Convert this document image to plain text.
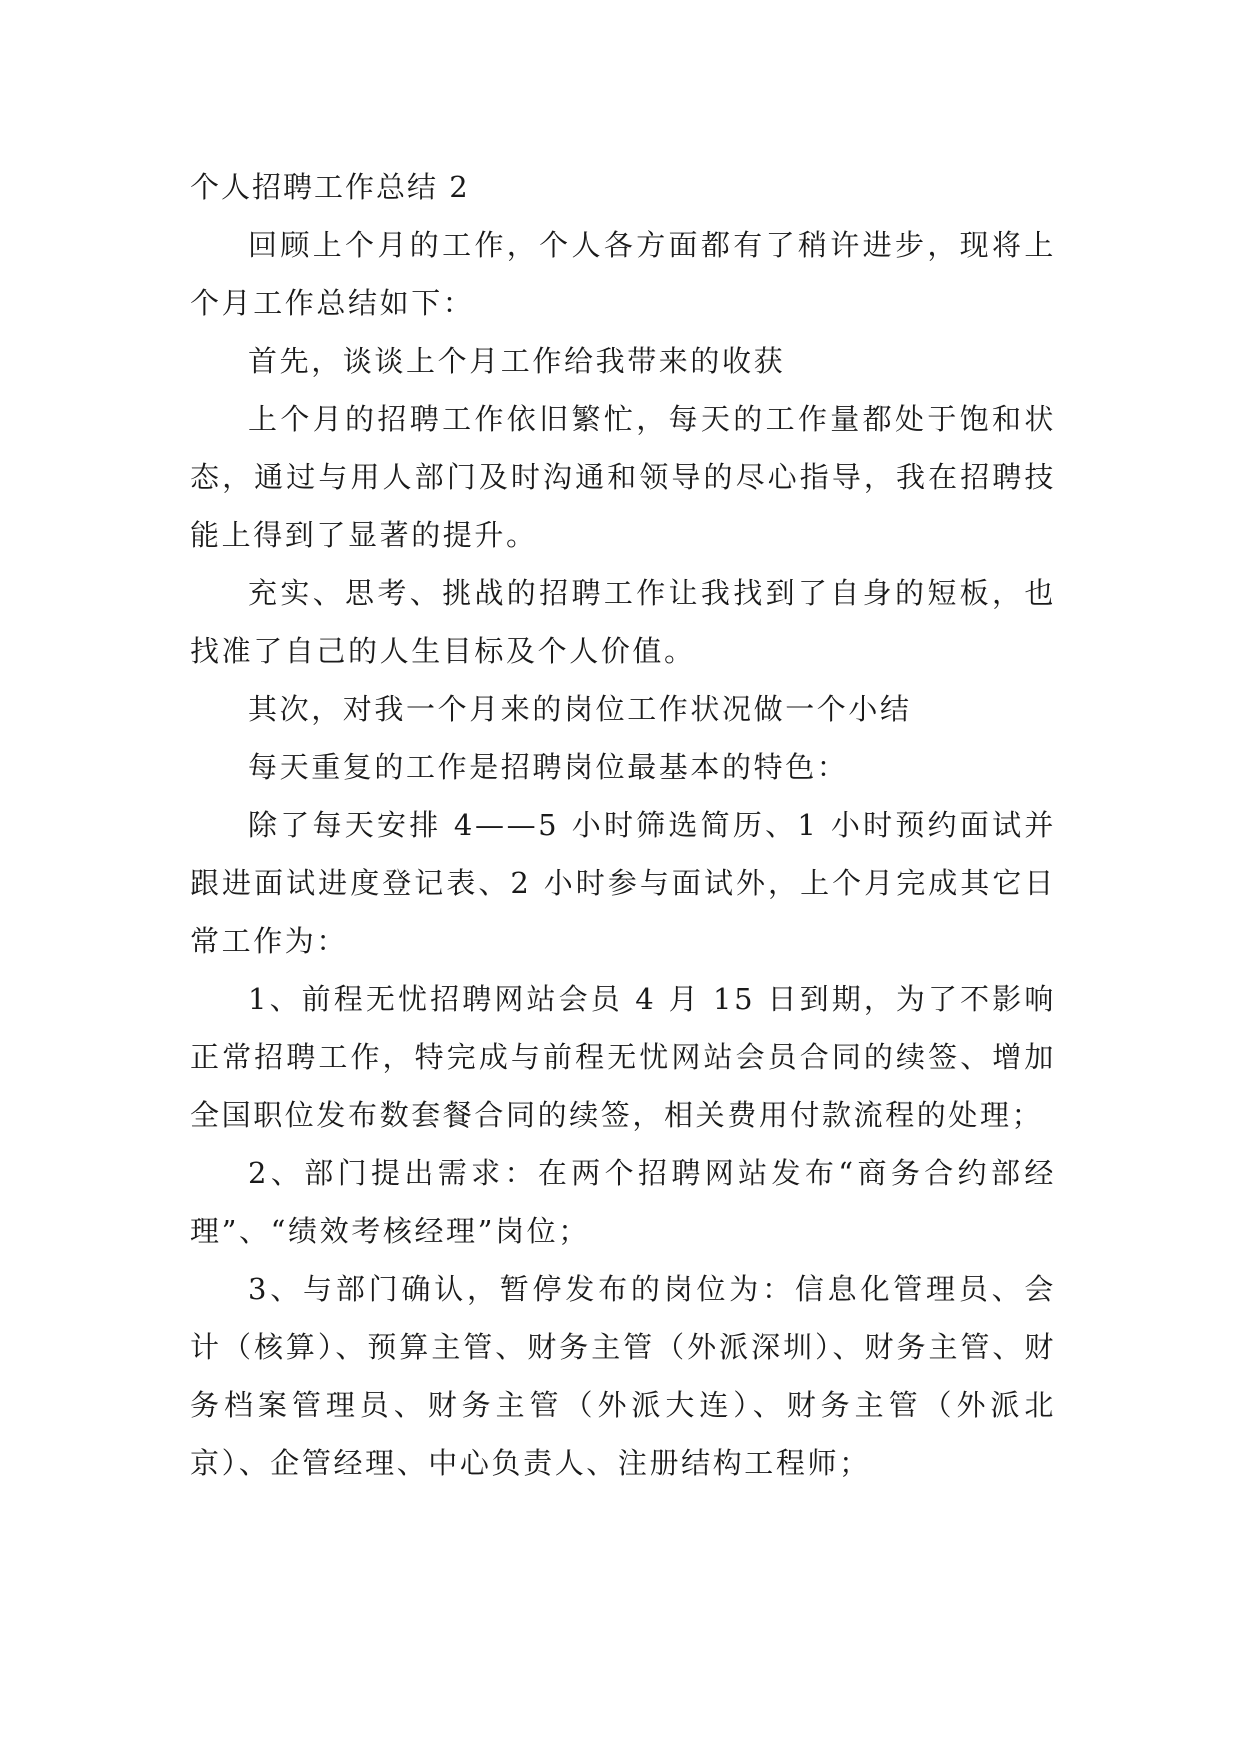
个人招聘工作总结 2

回顾上个月的工作，个人各方面都有了稍许进步，现将上个月工作总结如下：

首先，谈谈上个月工作给我带来的收获

上个月的招聘工作依旧繁忙，每天的工作量都处于饱和状态，通过与用人部门及时沟通和领导的尽心指导，我在招聘技能上得到了显著的提升。

充实、思考、挑战的招聘工作让我找到了自身的短板，也找准了自己的人生目标及个人价值。

其次，对我一个月来的岗位工作状况做一个小结

每天重复的工作是招聘岗位最基本的特色：

除了每天安排 4——5 小时筛选简历、1 小时预约面试并跟进面试进度登记表、2 小时参与面试外，上个月完成其它日常工作为：

1、前程无忧招聘网站会员 4 月 15 日到期，为了不影响正常招聘工作，特完成与前程无忧网站会员合同的续签、增加全国职位发布数套餐合同的续签，相关费用付款流程的处理；

2、部门提出需求：在两个招聘网站发布“商务合约部经理”、“绩效考核经理”岗位；

3、与部门确认，暂停发布的岗位为：信息化管理员、会计（核算）、预算主管、财务主管（外派深圳）、财务主管、财务档案管理员、财务主管（外派大连）、财务主管（外派北京）、企管经理、中心负责人、注册结构工程师；
